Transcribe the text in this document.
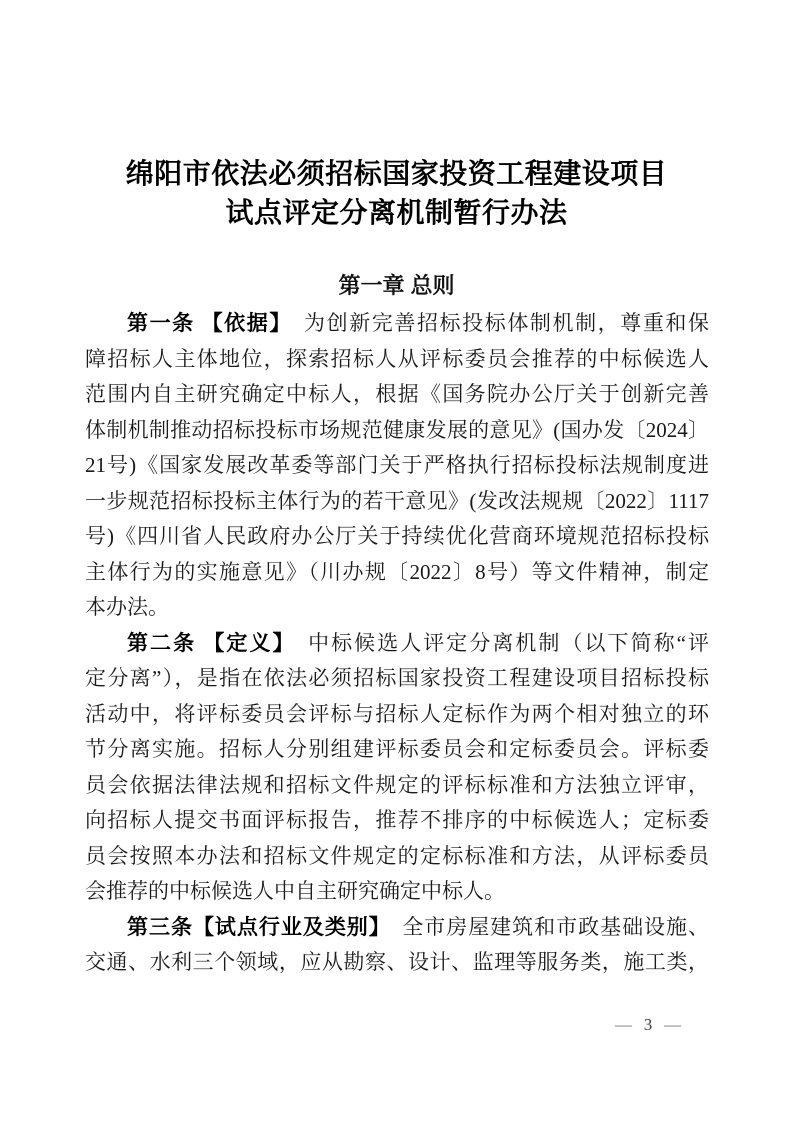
绵阳市依法必须招标国家投资工程建设项目
试点评定分离机制暂行办法
第一章 总则
第一条 【依据】　为创新完善招标投标体制机制，尊重和保
障招标人主体地位，探索招标人从评标委员会推荐的中标候选人
范围内自主研究确定中标人，根据《国务院办公厅关于创新完善
体制机制推动招标投标市场规范健康发展的意见》(国办发〔2024〕
21号)《国家发展改革委等部门关于严格执行招标投标法规制度进
一步规范招标投标主体行为的若干意见》(发改法规规〔2022〕1117
号)《四川省人民政府办公厅关于持续优化营商环境规范招标投标
主体行为的实施意见》（川办规〔2022〕8号）等文件精神，制定
本办法。
第二条 【定义】　中标候选人评定分离机制（以下简称“评
定分离”），是指在依法必须招标国家投资工程建设项目招标投标
活动中，将评标委员会评标与招标人定标作为两个相对独立的环
节分离实施。招标人分别组建评标委员会和定标委员会。评标委
员会依据法律法规和招标文件规定的评标标准和方法独立评审，
向招标人提交书面评标报告，推荐不排序的中标候选人；定标委
员会按照本办法和招标文件规定的定标标准和方法，从评标委员
会推荐的中标候选人中自主研究确定中标人。
第三条【试点行业及类别】　全市房屋建筑和市政基础设施、
交通、水利三个领域，应从勘察、设计、监理等服务类，施工类，
— 3 —
